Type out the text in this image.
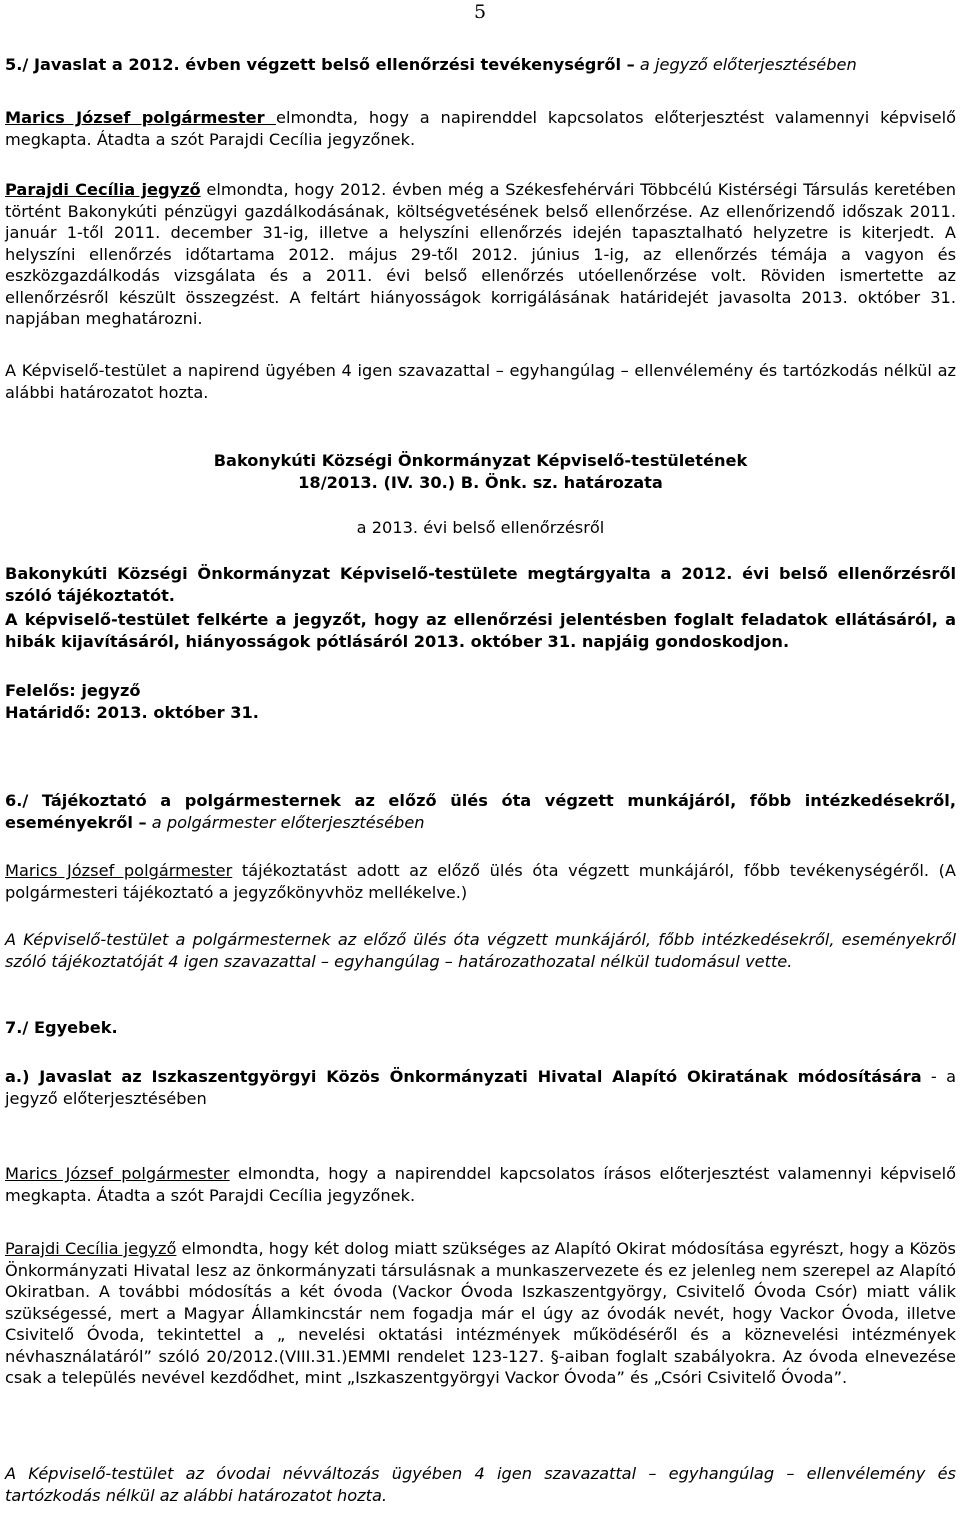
5

5./ Javaslat a 2012. évben végzett belső ellenőrzési tevékenységről – a jegyző előterjesztésében

Marics József polgármester elmondta, hogy a napirenddel kapcsolatos előterjesztést valamennyi képviselő megkapta. Átadta a szót Parajdi Cecília jegyzőnek.

Parajdi Cecília jegyző elmondta, hogy 2012. évben még a Székesfehérvári Többcélú Kistérségi Társulás keretében történt Bakonykúti pénzügyi gazdálkodásának, költségvetésének belső ellenőrzése. Az ellenőrizendő időszak 2011. január 1-től 2011. december 31-ig, illetve a helyszíni ellenőrzés idején tapasztalható helyzetre is kiterjedt. A helyszíni ellenőrzés időtartama 2012. május 29-től 2012. június 1-ig, az ellenőrzés témája a vagyon és eszközgazdálkodás vizsgálata és a 2011. évi belső ellenőrzés utóellenőrzése volt. Röviden ismertette az ellenőrzésről készült összegzést. A feltárt hiányosságok korrigálásának határidejét javasolta 2013. október 31. napjában meghatározni.

A Képviselő-testület a napirend ügyében 4 igen szavazattal – egyhangúlag – ellenvélemény és tartózkodás nélkül az alábbi határozatot hozta.

Bakonykúti Községi Önkormányzat Képviselő-testületének
18/2013. (IV. 30.) B. Önk. sz. határozata

a 2013. évi belső ellenőrzésről

Bakonykúti Községi Önkormányzat Képviselő-testülete megtárgyalta a 2012. évi belső ellenőrzésről szóló tájékoztatót.

A képviselő-testület felkérte a jegyzőt, hogy az ellenőrzési jelentésben foglalt feladatok ellátásáról, a hibák kijavításáról, hiányosságok pótlásáról 2013. október 31. napjáig gondoskodjon.

Felelős: jegyző
Határidő: 2013. október 31.

6./ Tájékoztató a polgármesternek az előző ülés óta végzett munkájáról, főbb intézkedésekről, eseményekről – a polgármester előterjesztésében

Marics József polgármester tájékoztatást adott az előző ülés óta végzett munkájáról, főbb tevékenységéről. (A polgármesteri tájékoztató a jegyzőkönyvhöz mellékelve.)

A Képviselő-testület a polgármesternek az előző ülés óta végzett munkájáról, főbb intézkedésekről, eseményekről szóló tájékoztatóját 4 igen szavazattal – egyhangúlag – határozathozatal nélkül tudomásul vette.

7./ Egyebek.

a.) Javaslat az Iszkaszentgyörgyi Közös Önkormányzati Hivatal Alapító Okiratának módosítására - a jegyző előterjesztésében

Marics József polgármester elmondta, hogy a napirenddel kapcsolatos írásos előterjesztést valamennyi képviselő megkapta. Átadta a szót Parajdi Cecília jegyzőnek.

Parajdi Cecília jegyző elmondta, hogy két dolog miatt szükséges az Alapító Okirat módosítása egyrészt, hogy a Közös Önkormányzati Hivatal lesz az önkormányzati társulásnak a munkaszervezete és ez jelenleg nem szerepel az Alapító Okiratban. A további módosítás a két óvoda (Vackor Óvoda Iszkaszentgyörgy, Csivitelő Óvoda Csór) miatt válik szükségessé, mert a Magyar Államkincstár nem fogadja már el úgy az óvodák nevét, hogy Vackor Óvoda, illetve Csivitelő Óvoda, tekintettel a „ nevelési oktatási intézmények működéséről és a köznevelési intézmények névhasználatáról” szóló 20/2012.(VIII.31.)EMMI rendelet 123-127. §-aiban foglalt szabályokra. Az óvoda elnevezése csak a település nevével kezdődhet, mint „Iszkaszentgyörgyi Vackor Óvoda” és „Csóri Csivitelő Óvoda”.

A Képviselő-testület az óvodai névváltozás ügyében 4 igen szavazattal – egyhangúlag – ellenvélemény és tartózkodás nélkül az alábbi határozatot hozta.
